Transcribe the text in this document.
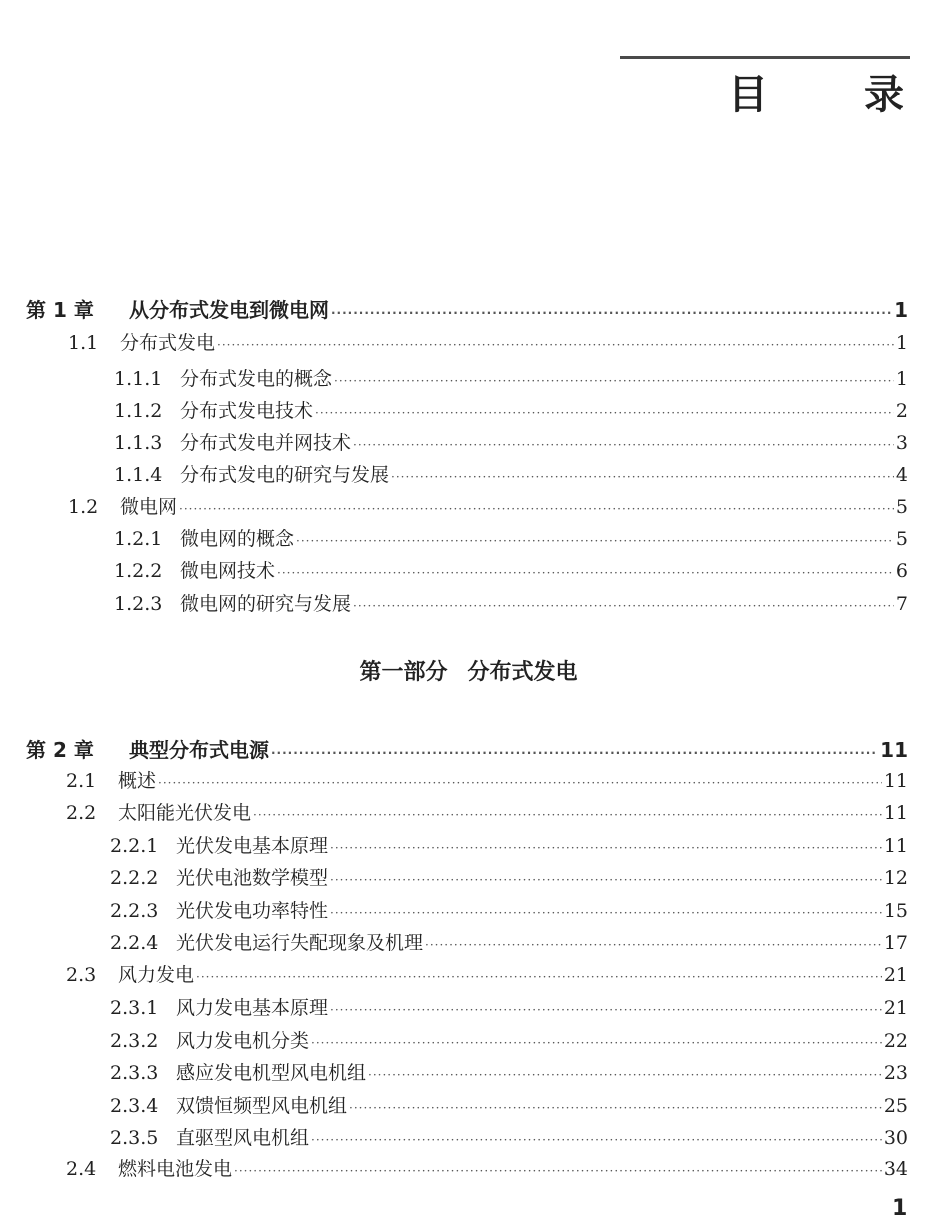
目 录
第 1 章	从分布式发电到微电网 ·····	1
1.1	分布式发电 ·····	1
1.1.1 分布式发电的概念 ·····	1
1.1.2 分布式发电技术 ·····	2
1.1.3 分布式发电并网技术 ·····	3
1.1.4 分布式发电的研究与发展 ·····	4
1.2	微电网 ·····	5
1.2.1 微电网的概念 ·····	5
1.2.2 微电网技术 ·····	6
1.2.3 微电网的研究与发展 ·····	7
第一部分 分布式发电
第 2 章	典型分布式电源 ·····	11
2.1	概述 ·····	11
2.2	太阳能光伏发电 ·····	11
2.2.1 光伏发电基本原理 ·····	11
2.2.2 光伏电池数学模型 ·····	12
2.2.3 光伏发电功率特性 ·····	15
2.2.4 光伏发电运行失配现象及机理 ·····	17
2.3	风力发电 ·····	21
2.3.1 风力发电基本原理 ·····	21
2.3.2 风力发电机分类 ·····	22
2.3.3 感应发电机型风电机组 ·····	23
2.3.4 双馈恒频型风电机组 ·····	25
2.3.5 直驱型风电机组 ·····	30
2.4	燃料电池发电 ·····	34
1
